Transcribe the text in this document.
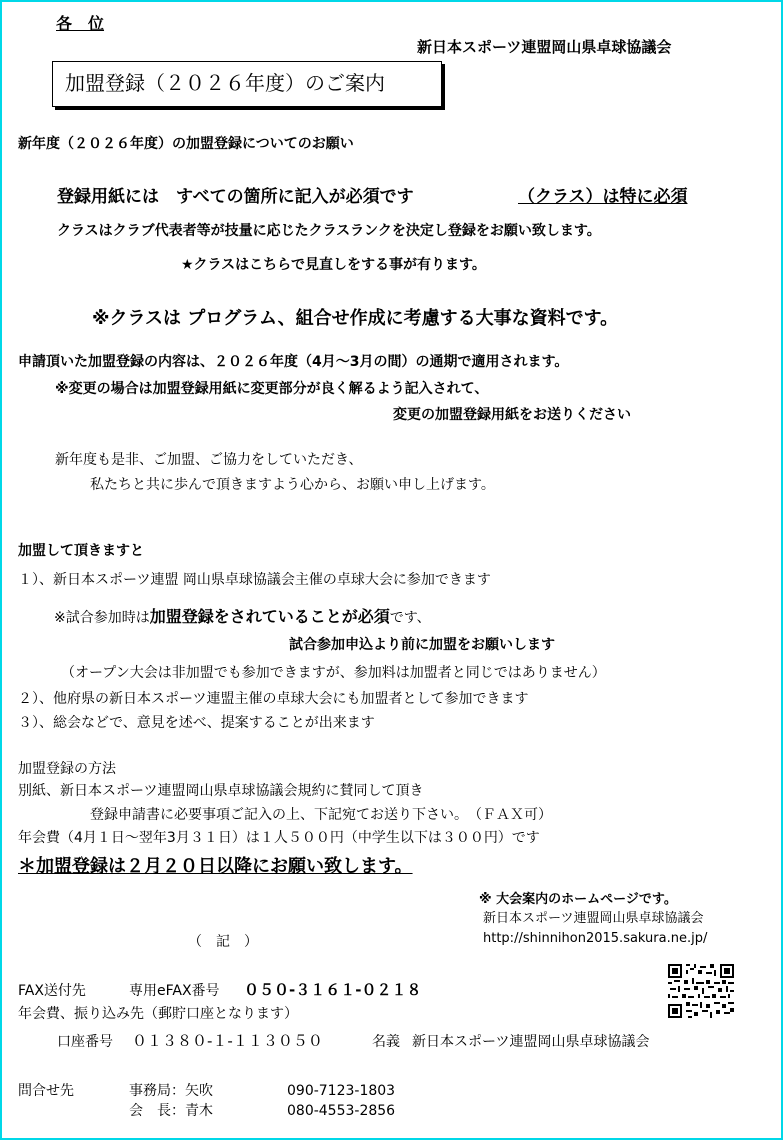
各　位
新日本スポーツ連盟岡山県卓球協議会
加盟登録（２０２６年度）のご案内
新年度（２０２６年度）の加盟登録についてのお願い
登録用紙には　すべての箇所に記入が必須です	（クラス）は特に必須
クラスはクラブ代表者等が技量に応じたクラスランクを決定し登録をお願い致します。
★クラスはこちらで見直しをする事が有ります。
※クラスは プログラム、組合せ作成に考慮する大事な資料です。
申請頂いた加盟登録の内容は、２０２６年度（4月～3月の間）の通期で適用されます。
※変更の場合は加盟登録用紙に変更部分が良く解るよう記入されて、
変更の加盟登録用紙をお送りください
新年度も是非、ご加盟、ご協力をしていただき、
私たちと共に歩んで頂きますよう心から、お願い申し上げます。
加盟して頂きますと
１）、新日本スポーツ連盟 岡山県卓球協議会主催の卓球大会に参加できます
※試合参加時は加盟登録をされていることが必須です、
試合参加申込より前に加盟をお願いします
（オープン大会は非加盟でも参加できますが、参加料は加盟者と同じではありません）
２）、他府県の新日本スポーツ連盟主催の卓球大会にも加盟者として参加できます
３）、総会などで、意見を述べ、提案することが出来ます
加盟登録の方法
別紙、新日本スポーツ連盟岡山県卓球協議会規約に賛同して頂き
登録申請書に必要事項ご記入の上、下記宛てお送り下さい。　（ＦＡＸ可）
年会費（4月１日～翌年3月３１日）は１人５００円（中学生以下は３００円）です
＊加盟登録は２月２０日以降にお願い致します。
※ 大会案内のホームページです。
新日本スポーツ連盟岡山県卓球協議会
http://shinnihon2015.sakura.ne.jp/
（　記　）
FAX送付先	専用eFAX番号 ０５０-３１６１-０２１８
年会費、振り込み先（郵貯口座となります）
口座番号 ０１３８０-１-１１３０５０	名義 新日本スポーツ連盟岡山県卓球協議会
問合せ先	事務局：矢吹	090-7123-1803
会　長：青木	080-4553-2856
